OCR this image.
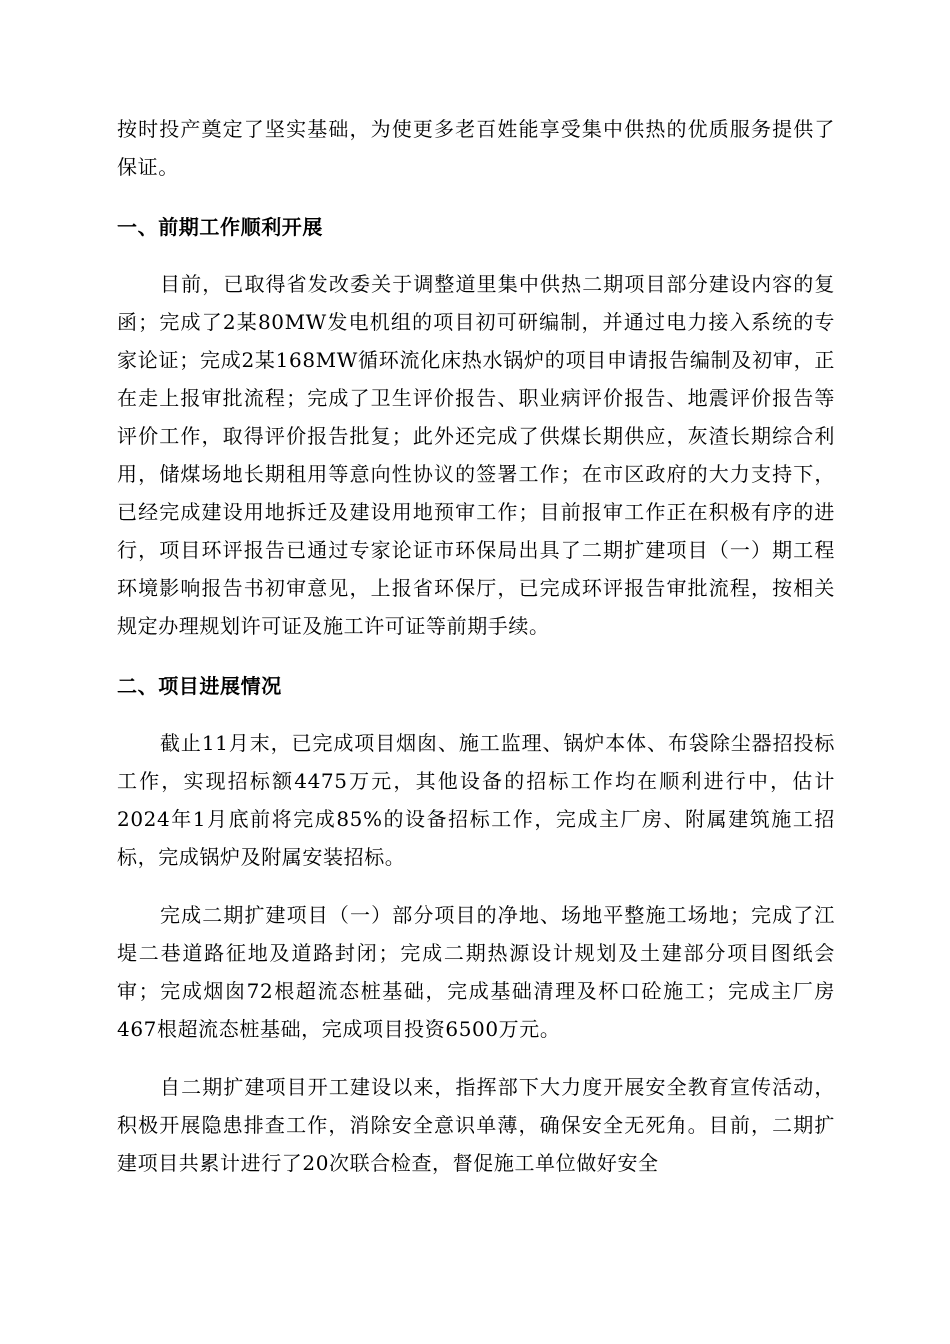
按时投产奠定了坚实基础，为使更多老百姓能享受集中供热的优质服务提供了保证。

一、前期工作顺利开展

目前，已取得省发改委关于调整道里集中供热二期项目部分建设内容的复函；完成了2某80MW发电机组的项目初可研编制，并通过电力接入系统的专家论证；完成2某168MW循环流化床热水锅炉的项目申请报告编制及初审，正在走上报审批流程；完成了卫生评价报告、职业病评价报告、地震评价报告等评价工作，取得评价报告批复；此外还完成了供煤长期供应，灰渣长期综合利用，储煤场地长期租用等意向性协议的签署工作；在市区政府的大力支持下，已经完成建设用地拆迁及建设用地预审工作；目前报审工作正在积极有序的进行，项目环评报告已通过专家论证市环保局出具了二期扩建项目（一）期工程环境影响报告书初审意见，上报省环保厅，已完成环评报告审批流程，按相关规定办理规划许可证及施工许可证等前期手续。

二、项目进展情况

截止11月末，已完成项目烟囱、施工监理、锅炉本体、布袋除尘器招投标工作，实现招标额4475万元，其他设备的招标工作均在顺利进行中，估计2024年1月底前将完成85%的设备招标工作，完成主厂房、附属建筑施工招标，完成锅炉及附属安装招标。

完成二期扩建项目（一）部分项目的净地、场地平整施工场地；完成了江堤二巷道路征地及道路封闭；完成二期热源设计规划及土建部分项目图纸会审；完成烟囱72根超流态桩基础，完成基础清理及杯口砼施工；完成主厂房467根超流态桩基础，完成项目投资6500万元。

自二期扩建项目开工建设以来，指挥部下大力度开展安全教育宣传活动，积极开展隐患排查工作，消除安全意识单薄，确保安全无死角。目前，二期扩建项目共累计进行了20次联合检查，督促施工单位做好安全
